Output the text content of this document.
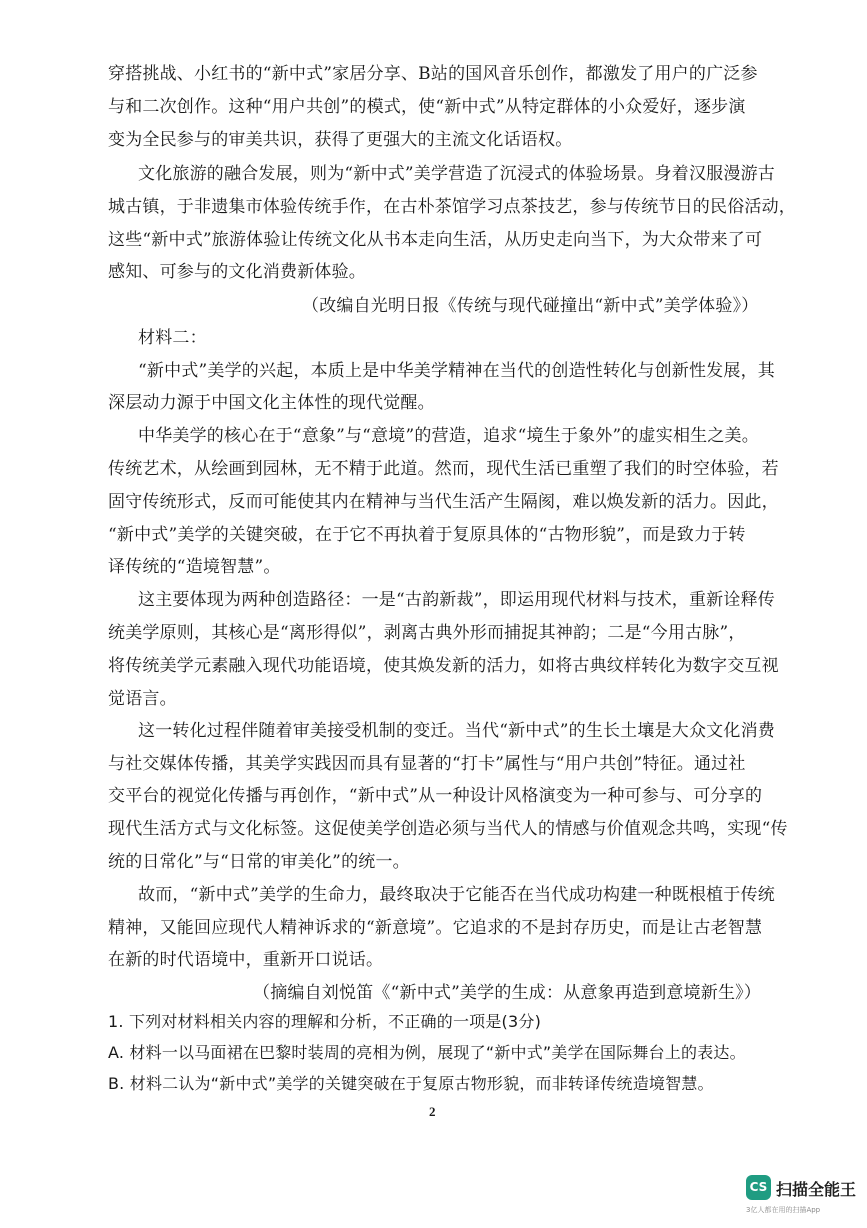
穿搭挑战、小红书的“新中式”家居分享、B站的国风音乐创作，都激发了用户的广泛参
与和二次创作。这种“用户共创”的模式，使“新中式”从特定群体的小众爱好，逐步演
变为全民参与的审美共识，获得了更强大的主流文化话语权。
文化旅游的融合发展，则为“新中式”美学营造了沉浸式的体验场景。身着汉服漫游古
城古镇，于非遗集市体验传统手作，在古朴茶馆学习点茶技艺，参与传统节日的民俗活动，
这些“新中式”旅游体验让传统文化从书本走向生活，从历史走向当下，为大众带来了可
感知、可参与的文化消费新体验。
（改编自光明日报《传统与现代碰撞出“新中式”美学体验》）
材料二：
“新中式”美学的兴起，本质上是中华美学精神在当代的创造性转化与创新性发展，其
深层动力源于中国文化主体性的现代觉醒。
中华美学的核心在于“意象”与“意境”的营造，追求“境生于象外”的虚实相生之美。
传统艺术，从绘画到园林，无不精于此道。然而，现代生活已重塑了我们的时空体验，若
固守传统形式，反而可能使其内在精神与当代生活产生隔阂，难以焕发新的活力。因此，
“新中式”美学的关键突破，在于它不再执着于复原具体的“古物形貌”，而是致力于转
译传统的“造境智慧”。
这主要体现为两种创造路径：一是“古韵新裁”，即运用现代材料与技术，重新诠释传
统美学原则，其核心是“离形得似”，剥离古典外形而捕捉其神韵；二是“今用古脉”，
将传统美学元素融入现代功能语境，使其焕发新的活力，如将古典纹样转化为数字交互视
觉语言。
这一转化过程伴随着审美接受机制的变迁。当代“新中式”的生长土壤是大众文化消费
与社交媒体传播，其美学实践因而具有显著的“打卡”属性与“用户共创”特征。通过社
交平台的视觉化传播与再创作，“新中式”从一种设计风格演变为一种可参与、可分享的
现代生活方式与文化标签。这促使美学创造必须与当代人的情感与价值观念共鸣，实现“传
统的日常化”与“日常的审美化”的统一。
故而，“新中式”美学的生命力，最终取决于它能否在当代成功构建一种既根植于传统
精神，又能回应现代人精神诉求的“新意境”。它追求的不是封存历史，而是让古老智慧
在新的时代语境中，重新开口说话。
（摘编自刘悦笛《“新中式”美学的生成：从意象再造到意境新生》）
1. 下列对材料相关内容的理解和分析，不正确的一项是(3分)
A. 材料一以马面裙在巴黎时装周的亮相为例，展现了“新中式”美学在国际舞台上的表达。
B. 材料二认为“新中式”美学的关键突破在于复原古物形貌，而非转译传统造境智慧。
2
CS 扫描全能王
3亿人都在用的扫描App
